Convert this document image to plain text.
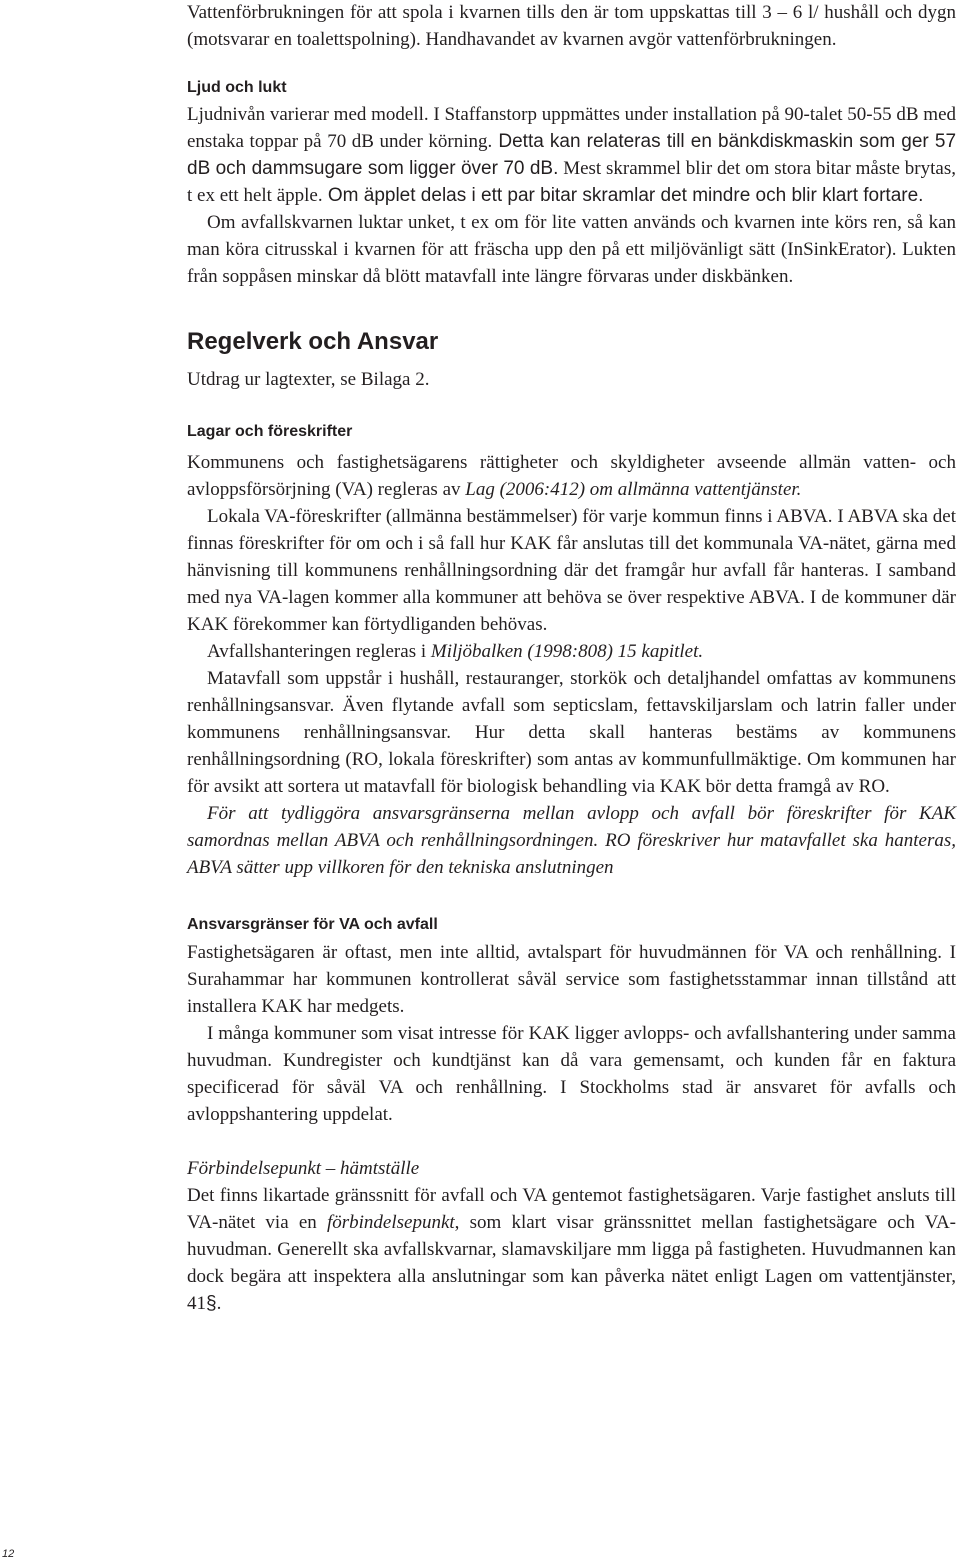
Vattenförbrukningen för att spola i kvarnen tills den är tom uppskattas till 3 – 6 l/ hushåll och dygn (motsvarar en toalettspolning). Handhavandet av kvarnen avgör vattenförbrukningen.

Ljud och lukt

Ljudnivån varierar med modell. I Staffanstorp uppmättes under installation på 90-talet 50-55 dB med enstaka toppar på 70 dB under körning. Detta kan relateras till en bänkdiskmaskin som ger 57 dB och dammsugare som ligger över 70 dB. Mest skrammel blir det om stora bitar måste brytas, t ex ett helt äpple. Om äpplet delas i ett par bitar skramlar det mindre och blir klart fortare.

Om avfallskvarnen luktar unket, t ex om för lite vatten används och kvarnen inte körs ren, så kan man köra citrusskal i kvarnen för att fräscha upp den på ett miljövänligt sätt (InSinkErator). Lukten från soppåsen minskar då blött matavfall inte längre förvaras under diskbänken.

Regelverk och Ansvar

Utdrag ur lagtexter, se Bilaga 2.

Lagar och föreskrifter

Kommunens och fastighetsägarens rättigheter och skyldigheter avseende allmän vatten- och avloppsförsörjning (VA) regleras av Lag (2006:412) om allmänna vattentjänster.

Lokala VA-föreskrifter (allmänna bestämmelser) för varje kommun finns i ABVA. I ABVA ska det finnas föreskrifter för om och i så fall hur KAK får anslutas till det kommunala VA-nätet, gärna med hänvisning till kommunens renhållningsordning där det framgår hur avfall får hanteras. I samband med nya VA-lagen kommer alla kommuner att behöva se över respektive ABVA. I de kommuner där KAK förekommer kan förtydliganden behövas.

Avfallshanteringen regleras i Miljöbalken (1998:808) 15 kapitlet.

Matavfall som uppstår i hushåll, restauranger, storkök och detaljhandel omfattas av kommunens renhållningsansvar. Även flytande avfall som septicslam, fettavskiljarslam och latrin faller under kommunens renhållningsansvar. Hur detta skall hanteras bestäms av kommunens renhållningsordning (RO, lokala föreskrifter) som antas av kommunfullmäktige. Om kommunen har för avsikt att sortera ut matavfall för biologisk behandling via KAK bör detta framgå av RO.

För att tydliggöra ansvarsgränserna mellan avlopp och avfall bör föreskrifter för KAK samordnas mellan ABVA och renhållningsordningen. RO föreskriver hur matavfallet ska hanteras, ABVA sätter upp villkoren för den tekniska anslutningen

Ansvarsgränser för VA och avfall

Fastighetsägaren är oftast, men inte alltid, avtalspart för huvudmännen för VA och renhållning. I Surahammar har kommunen kontrollerat såväl service som fastighetsstammar innan tillstånd att installera KAK har medgets.

I många kommuner som visat intresse för KAK ligger avlopps- och avfallshantering under samma huvudman. Kundregister och kundtjänst kan då vara gemensamt, och kunden får en faktura specificerad för såväl VA och renhållning. I Stockholms stad är ansvaret för avfalls och avloppshantering uppdelat.

Förbindelsepunkt – hämtställe

Det finns likartade gränssnitt för avfall och VA gentemot fastighetsägaren. Varje fastighet ansluts till VA-nätet via en förbindelsepunkt, som klart visar gränssnittet mellan fastighetsägare och VA-huvudman. Generellt ska avfallskvarnar, slamavskiljare mm ligga på fastigheten. Huvudmannen kan dock begära att inspektera alla anslutningar som kan påverka nätet enligt Lagen om vattentjänster, 41§.

12
